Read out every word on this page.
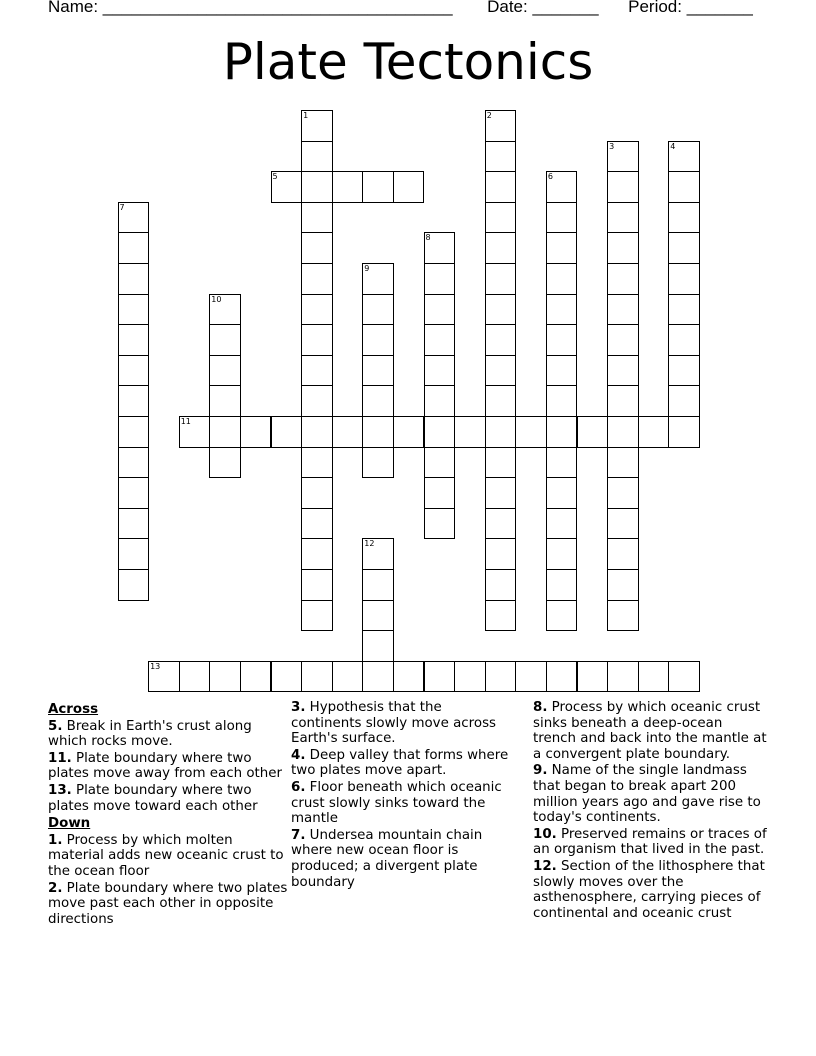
Name: _____________________________________ Date: _______ Period: _______
Plate Tectonics
1	2
3	4
5	6
7
8
9
10
11
12
13
Across
5. Break in Earth's crust along which rocks move.
11. Plate boundary where two plates move away from each other
13. Plate boundary where two plates move toward each other
Down
1. Process by which molten material adds new oceanic crust to the ocean floor
2. Plate boundary where two plates move past each other in opposite directions
3. Hypothesis that the continents slowly move across Earth's surface.
4. Deep valley that forms where two plates move apart.
6. Floor beneath which oceanic crust slowly sinks toward the mantle
7. Undersea mountain chain where new ocean floor is produced; a divergent plate boundary
8. Process by which oceanic crust sinks beneath a deep-ocean trench and back into the mantle at a convergent plate boundary.
9. Name of the single landmass that began to break apart 200 million years ago and gave rise to today's continents.
10. Preserved remains or traces of an organism that lived in the past.
12. Section of the lithosphere that slowly moves over the asthenosphere, carrying pieces of continental and oceanic crust
